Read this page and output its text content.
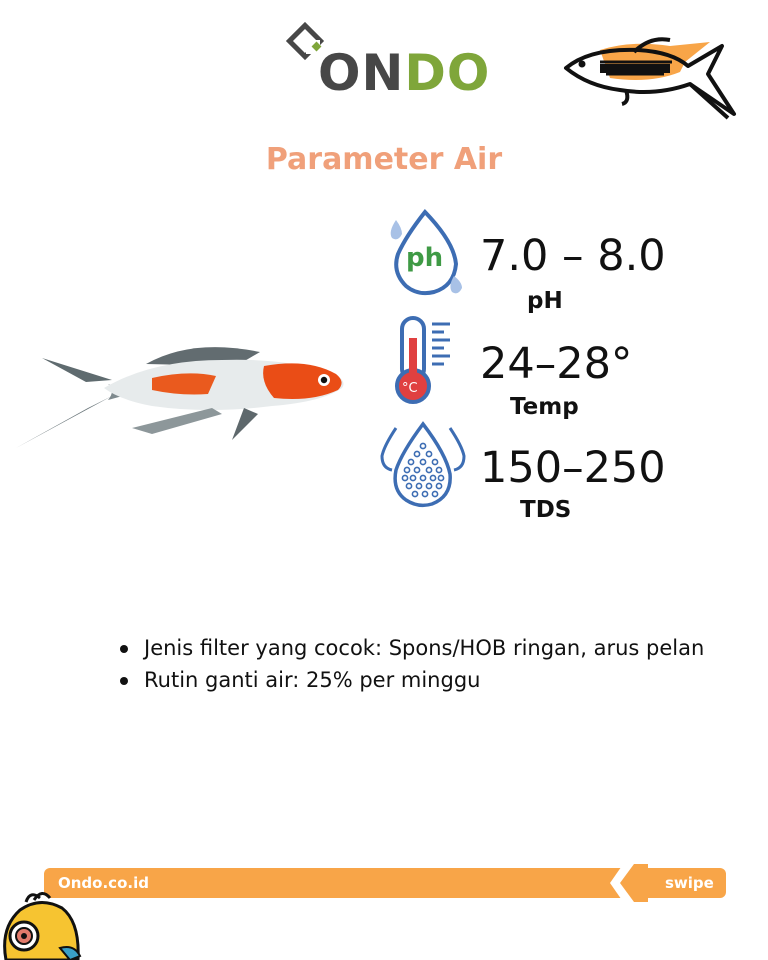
ONDO
Parameter Air
ph 7.0 – 8.0
pH
°C 24–28°
Temp
150–250
TDS
Jenis filter yang cocok: Spons/HOB ringan, arus pelan
Rutin ganti air: 25% per minggu
Ondo.co.id	swipe
